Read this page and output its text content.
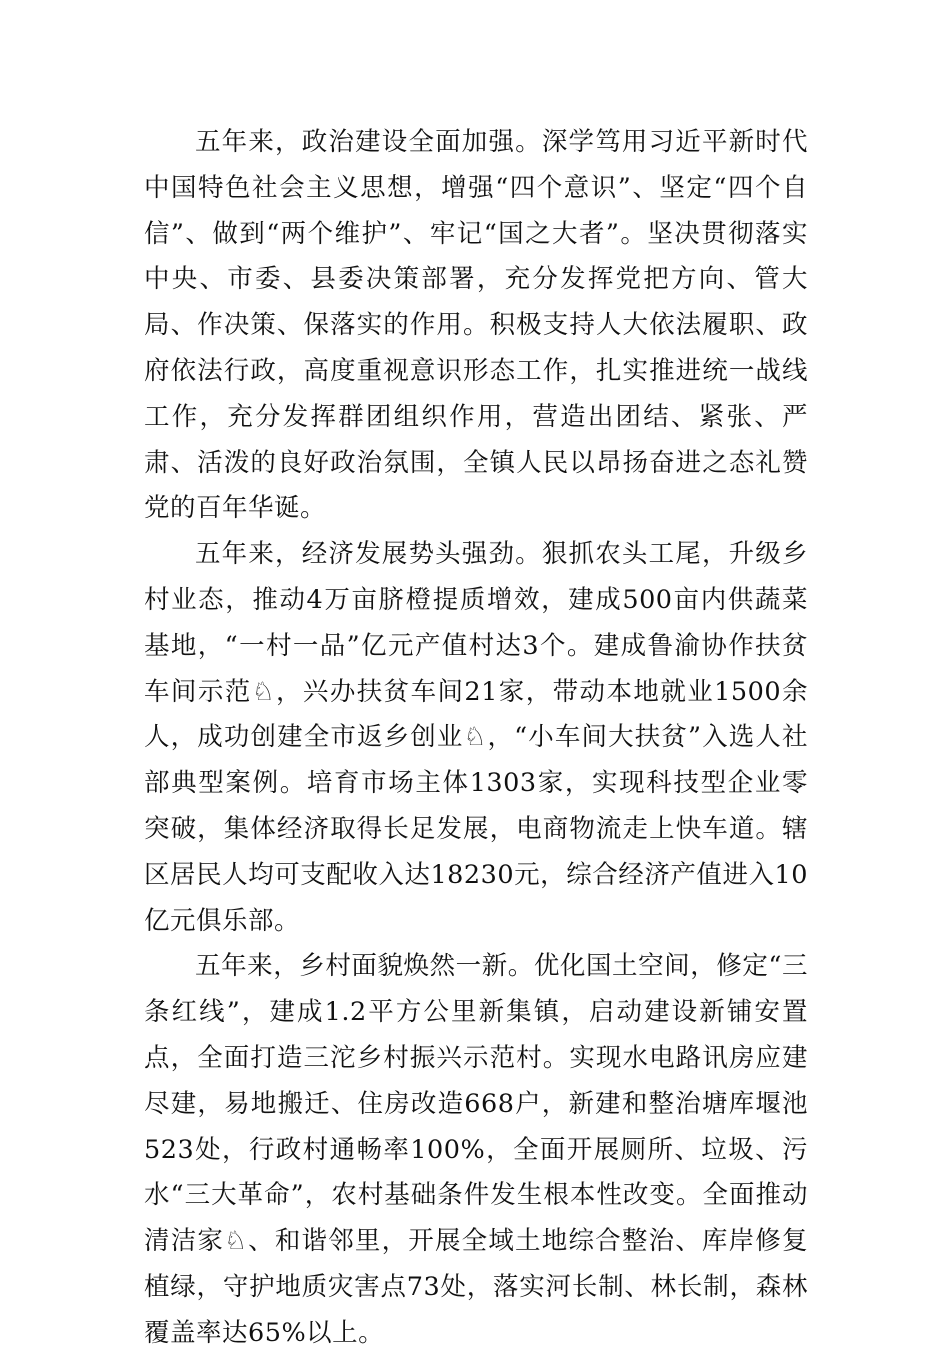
五年来，政治建设全面加强。深学笃用习近平新时代中国特色社会主义思想，增强“四个意识”、坚定“四个自信”、做到“两个维护”、牢记“国之大者”。坚决贯彻落实中央、市委、县委决策部署，充分发挥党把方向、管大局、作决策、保落实的作用。积极支持人大依法履职、政府依法行政，高度重视意识形态工作，扎实推进统一战线工作，充分发挥群团组织作用，营造出团结、紧张、严肃、活泼的良好政治氛围，全镇人民以昂扬奋进之态礼赞党的百年华诞。

五年来，经济发展势头强劲。狠抓农头工尾，升级乡村业态，推动4万亩脐橙提质增效，建成500亩内供蔬菜基地，“一村一品”亿元产值村达3个。建成鲁渝协作扶贫车间示范♘，兴办扶贫车间21家，带动本地就业1500余人，成功创建全市返乡创业♘，“小车间大扶贫”入选人社部典型案例。培育市场主体1303家，实现科技型企业零突破，集体经济取得长足发展，电商物流走上快车道。辖区居民人均可支配收入达18230元，综合经济产值进入10亿元俱乐部。

五年来，乡村面貌焕然一新。优化国土空间，修定“三条红线”，建成1.2平方公里新集镇，启动建设新铺安置点，全面打造三沱乡村振兴示范村。实现水电路讯房应建尽建，易地搬迁、住房改造668户，新建和整治塘库堰池523处，行政村通畅率100%，全面开展厕所、垃圾、污水“三大革命”，农村基础条件发生根本性改变。全面推动清洁家♘、和谐邻里，开展全域土地综合整治、库岸修复植绿，守护地质灾害点73处，落实河长制、林长制，森林覆盖率达65%以上。
